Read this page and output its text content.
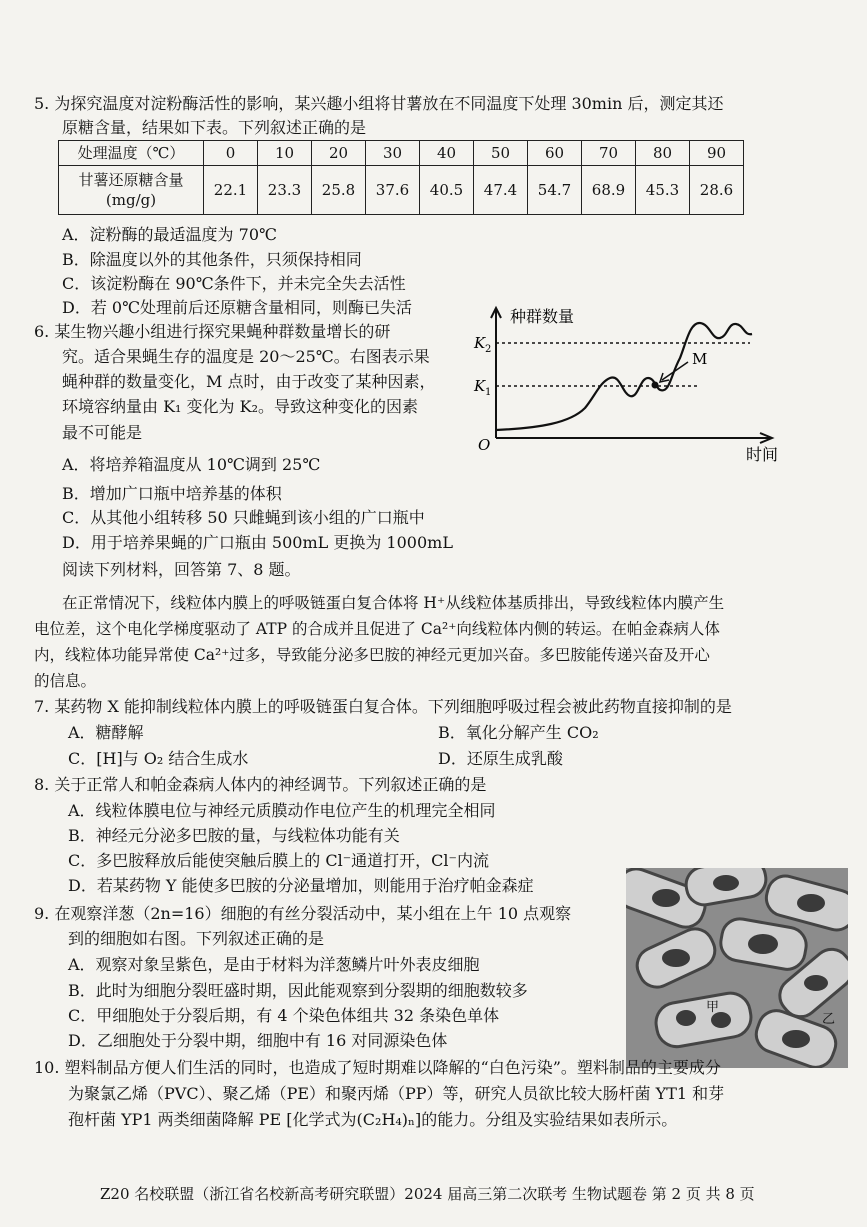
5. 为探究温度对淀粉酶活性的影响，某兴趣小组将甘薯放在不同温度下处理 30min 后，测定其还
原糖含量，结果如下表。下列叙述正确的是
处理温度（℃）	0	10	20	30	40	50	60	70	80	90

甘薯还原糖含量
(mg/g)	22.1	23.3	25.8	37.6	40.5	47.4	54.7	68.9	45.3	28.6
A．淀粉酶的最适温度为 70℃
B．除温度以外的其他条件，只须保持相同
C．该淀粉酶在 90℃条件下，并未完全失去活性
D．若 0℃处理前后还原糖含量相同，则酶已失活
6. 某生物兴趣小组进行探究果蝇种群数量增长的研
究。适合果蝇生存的温度是 20～25℃。右图表示果
蝇种群的数量变化，M 点时，由于改变了某种因素，
环境容纳量由 K₁ 变化为 K₂。导致这种变化的因素
最不可能是
A．将培养箱温度从 10℃调到 25℃
B．增加广口瓶中培养基的体积
C．从其他小组转移 50 只雌蝇到该小组的广口瓶中
D．用于培养果蝇的广口瓶由 500mL 更换为 1000mL
种群数量
时间
O
K 2
K 1
M
阅读下列材料，回答第 7、8 题。
在正常情况下，线粒体内膜上的呼吸链蛋白复合体将 H⁺从线粒体基质排出，导致线粒体内膜产生
电位差，这个电化学梯度驱动了 ATP 的合成并且促进了 Ca²⁺向线粒体内侧的转运。在帕金森病人体
内，线粒体功能异常使 Ca²⁺过多，导致能分泌多巴胺的神经元更加兴奋。多巴胺能传递兴奋及开心
的信息。
7. 某药物 X 能抑制线粒体内膜上的呼吸链蛋白复合体。下列细胞呼吸过程会被此药物直接抑制的是
A．糖酵解	B．氧化分解产生 CO₂
C．[H]与 O₂ 结合生成水	D．还原生成乳酸
8. 关于正常人和帕金森病人体内的神经调节。下列叙述正确的是
A．线粒体膜电位与神经元质膜动作电位产生的机理完全相同
B．神经元分泌多巴胺的量，与线粒体功能有关
C．多巴胺释放后能使突触后膜上的 Cl⁻通道打开，Cl⁻内流
D．若某药物 Y 能使多巴胺的分泌量增加，则能用于治疗帕金森症
9. 在观察洋葱（2n=16）细胞的有丝分裂活动中，某小组在上午 10 点观察
到的细胞如右图。下列叙述正确的是
A．观察对象呈紫色，是由于材料为洋葱鳞片叶外表皮细胞
B．此时为细胞分裂旺盛时期，因此能观察到分裂期的细胞数较多
C．甲细胞处于分裂后期，有 4 个染色体组共 32 条染色单体
D．乙细胞处于分裂中期，细胞中有 16 对同源染色体
甲
乙
10. 塑料制品方便人们生活的同时，也造成了短时期难以降解的“白色污染”。塑料制品的主要成分
为聚氯乙烯（PVC）、聚乙烯（PE）和聚丙烯（PP）等，研究人员欲比较大肠杆菌 YT1 和芽
孢杆菌 YP1 两类细菌降解 PE [化学式为(C₂H₄)ₙ]的能力。分组及实验结果如表所示。
Z20 名校联盟（浙江省名校新高考研究联盟）2024 届高三第二次联考 生物试题卷 第 2 页 共 8 页
